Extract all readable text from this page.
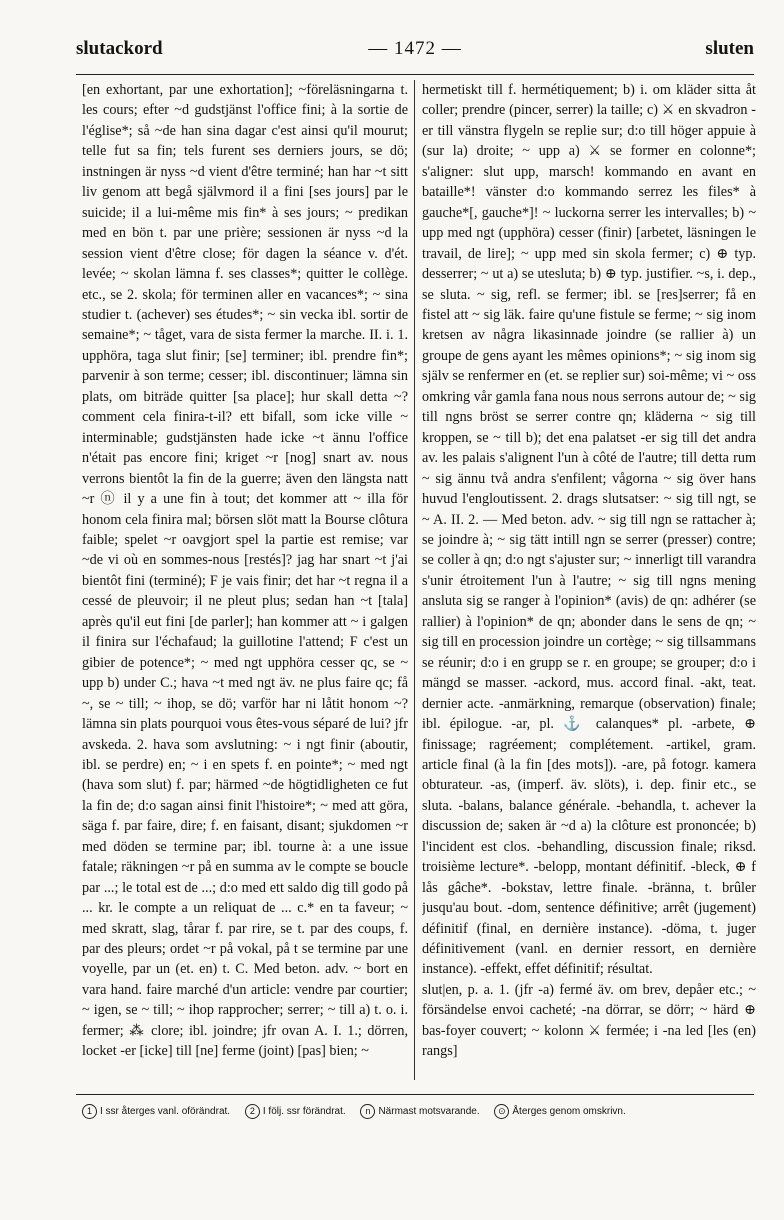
slutackord	— 1472 —	sluten

[en exhortant, par une exhortation]; ~föreläsningarna t. les cours; efter ~d gudstjänst l'office fini; à la sortie de l'église*; så ~de han sina dagar c'est ainsi qu'il mourut; telle fut sa fin; tels furent ses derniers jours, se dö; instningen är nyss ~d vient d'être terminé; han har ~t sitt liv genom att begå självmord il a fini [ses jours] par le suicide; il a lui-même mis fin* à ses jours; ~ predikan med en bön t. par une prière; sessionen är nyss ~d la session vient d'être close; för dagen la séance v. d'ét. levée; ~ skolan lämna f. ses classes*; quitter le collège. etc., se 2. skola; för terminen aller en vacances*; ~ sina studier t. (achever) ses études*; ~ sin vecka ibl. sortir de semaine*; ~ tåget, vara de sista fermer la marche. II. i. 1. upphöra, taga slut finir; [se] terminer; ibl. prendre fin*; parvenir à son terme; cesser; ibl. discontinuer; lämna sin plats, om biträde quitter [sa place]; hur skall detta ~? comment cela finira-t-il? ett bifall, som icke ville ~ interminable; gudstjänsten hade icke ~t ännu l'office n'était pas encore fini; kriget ~r [nog] snart av. nous verrons bientôt la fin de la guerre; även den längsta natt ~r ⓝ il y a une fin à tout; det kommer att ~ illa för honom cela finira mal; börsen slöt matt la Bourse clôtura faible; spelet ~r oavgjort spel la partie est remise; var ~de vi où en sommes-nous [restés]? jag har snart ~t j'ai bientôt fini (terminé); F je vais finir; det har ~t regna il a cessé de pleuvoir; il ne pleut plus; sedan han ~t [tala] après qu'il eut fini [de parler]; han kommer att ~ i galgen il finira sur l'échafaud; la guillotine l'attend; F c'est un gibier de potence*; ~ med ngt upphöra cesser qc, se ~ upp b) under C.; hava ~t med ngt äv. ne plus faire qc; få ~, se ~ till; ~ ihop, se dö; varför har ni låtit honom ~? lämna sin plats pourquoi vous êtes-vous séparé de lui? jfr avskeda. 2. hava som avslutning: ~ i ngt finir (aboutir, ibl. se perdre) en; ~ i en spets f. en pointe*; ~ med ngt (hava som slut) f. par; härmed ~de högtidligheten ce fut la fin de; d:o sagan ainsi finit l'histoire*; ~ med att göra, säga f. par faire, dire; f. en faisant, disant; sjukdomen ~r med döden se termine par; ibl. tourne à: a une issue fatale; räkningen ~r på en summa av le compte se boucle par ...; le total est de ...; d:o med ett saldo dig till godo på ... kr. le compte a un reliquat de ... c.* en ta faveur; ~ med skratt, slag, tårar f. par rire, se t. par des coups, f. par des pleurs; ordet ~r på vokal, på t se termine par une voyelle, par un (et. en) t. C. Med beton. adv. ~ bort en vara hand. faire marché d'un article: vendre par courtier; ~ igen, se ~ till; ~ ihop rapprocher; serrer; ~ till a) t. o. i. fermer; ⁂ clore; ibl. joindre; jfr ovan A. I. 1.; dörren, locket -er [icke] till [ne] ferme (joint) [pas] bien; ~

hermetiskt till f. hermétiquement; b) i. om kläder sitta åt coller; prendre (pincer, serrer) la taille; c) ⚔ en skvadron -er till vänstra flygeln se replie sur; d:o till höger appuie à (sur la) droite; ~ upp a) ⚔ se former en colonne*; s'aligner: slut upp, marsch! kommando en avant en bataille*! vänster d:o kommando serrez les files* à gauche*[, gauche*]! ~ luckorna serrer les intervalles; b) ~ upp med ngt (upphöra) cesser (finir) [arbetet, läsningen le travail, de lire]; ~ upp med sin skola fermer; c) ⊕ typ. desserrer; ~ ut a) se utesluta; b) ⊕ typ. justifier. ~s, i. dep., se sluta. ~ sig, refl. se fermer; ibl. se [res]serrer; få en fistel att ~ sig läk. faire qu'une fistule se ferme; ~ sig inom kretsen av några likasinnade joindre (se rallier à) un groupe de gens ayant les mêmes opinions*; ~ sig inom sig själv se renfermer en (et. se replier sur) soi-même; vi ~ oss omkring vår gamla fana nous nous serrons autour de; ~ sig till ngns bröst se serrer contre qn; kläderna ~ sig till kroppen, se ~ till b); det ena palatset -er sig till det andra av. les palais s'alignent l'un à côté de l'autre; till detta rum ~ sig ännu två andra s'enfilent; vågorna ~ sig över hans huvud l'engloutissent. 2. drags slutsatser: ~ sig till ngt, se ~ A. II. 2. — Med beton. adv. ~ sig till ngn se rattacher à; se joindre à; ~ sig tätt intill ngn se serrer (presser) contre; se coller à qn; d:o ngt s'ajuster sur; ~ innerligt till varandra s'unir étroitement l'un à l'autre; ~ sig till ngns mening ansluta sig se ranger à l'opinion* (avis) de qn: adhérer (se rallier) à l'opinion* de qn; abonder dans le sens de qn; ~ sig till en procession joindre un cortège; ~ sig tillsammans se réunir; d:o i en grupp se r. en groupe; se grouper; d:o i mängd se masser. -ackord, mus. accord final. -akt, teat. dernier acte. -anmärkning, remarque (observation) finale; ibl. épilogue. -ar, pl. ⚓ calanques* pl. -arbete, ⊕ finissage; ragréement; complétement. -artikel, gram. article final (à la fin [des mots]). -are, på fotogr. kamera obturateur. -as, (imperf. äv. slöts), i. dep. finir etc., se sluta. -balans, balance générale. -behandla, t. achever la discussion de; saken är ~d a) la clôture est prononcée; b) l'incident est clos. -behandling, discussion finale; riksd. troisième lecture*. -belopp, montant définitif. -bleck, ⊕ f lås gâche*. -bokstav, lettre finale. -bränna, t. brûler jusqu'au bout. -dom, sentence définitive; arrêt (jugement) définitif (final, en dernière instance). -döma, t. juger définitivement (vanl. en dernier ressort, en dernière instance). -effekt, effet définitif; résultat.

slut|en, p. a. 1. (jfr -a) fermé äv. om brev, depåer etc.; ~ försändelse envoi cacheté; -na dörrar, se dörr; ~ härd ⊕ bas-foyer couvert; ~ kolonn ⚔ fermée; i -na led [les (en) rangs]

1 I ssr återges vanl. oförändrat. 2 I följ. ssr förändrat. n Närmast motsvarande. ⊙ Återges genom omskrivn.
